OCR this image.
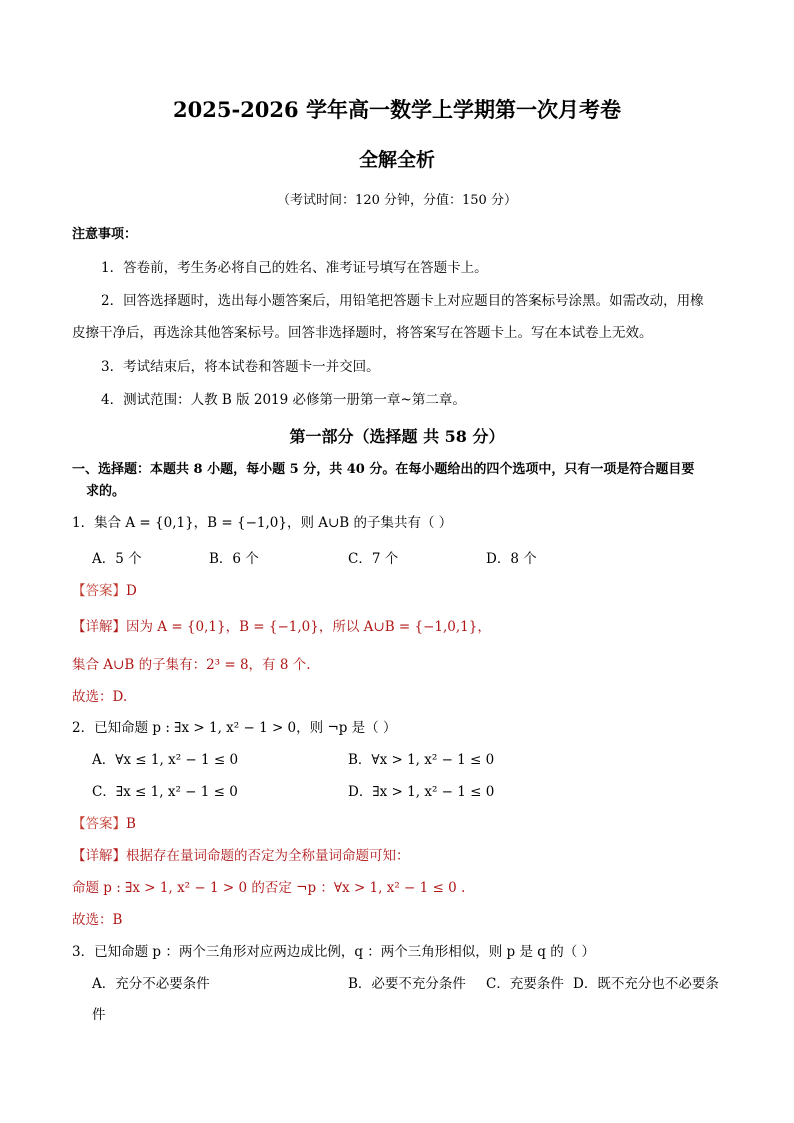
2025-2026 学年高一数学上学期第一次月考卷
全解全析
（考试时间：120 分钟，分值：150 分）
注意事项：
1．答卷前，考生务必将自己的姓名、准考证号填写在答题卡上。
2．回答选择题时，选出每小题答案后，用铅笔把答题卡上对应题目的答案标号涂黑。如需改动，用橡
皮擦干净后，再选涂其他答案标号。回答非选择题时，将答案写在答题卡上。写在本试卷上无效。
3．考试结束后，将本试卷和答题卡一并交回。
4．测试范围：人教 B 版 2019 必修第一册第一章~第二章。
第一部分（选择题 共 58 分）
一、选择题：本题共 8 小题，每小题 5 分，共 40 分。在每小题给出的四个选项中，只有一项是符合题目要
求的。
1．集合 A = {0,1}，B = {−1,0}，则 A∪B 的子集共有（ ）
A．5 个	B．6 个	C．7 个	D．8 个
【答案】D
【详解】因为 A = {0,1}，B = {−1,0}，所以 A∪B = {−1,0,1}，
集合 A∪B 的子集有：2³ = 8，有 8 个.
故选：D.
2．已知命题 p : ∃x > 1, x² − 1 > 0，则 ¬p 是（ ）
A．∀x ≤ 1, x² − 1 ≤ 0	B．∀x > 1, x² − 1 ≤ 0
C．∃x ≤ 1, x² − 1 ≤ 0	D．∃x > 1, x² − 1 ≤ 0
【答案】B
【详解】根据存在量词命题的否定为全称量词命题可知：
命题 p : ∃x > 1, x² − 1 > 0 的否定 ¬p ：∀x > 1, x² − 1 ≤ 0 .
故选：B
3．已知命题 p ：两个三角形对应两边成比例，q ：两个三角形相似，则 p 是 q 的（ ）
A．充分不必要条件	B．必要不充分条件 C．充要条件 D．既不充分也不必要条
件
